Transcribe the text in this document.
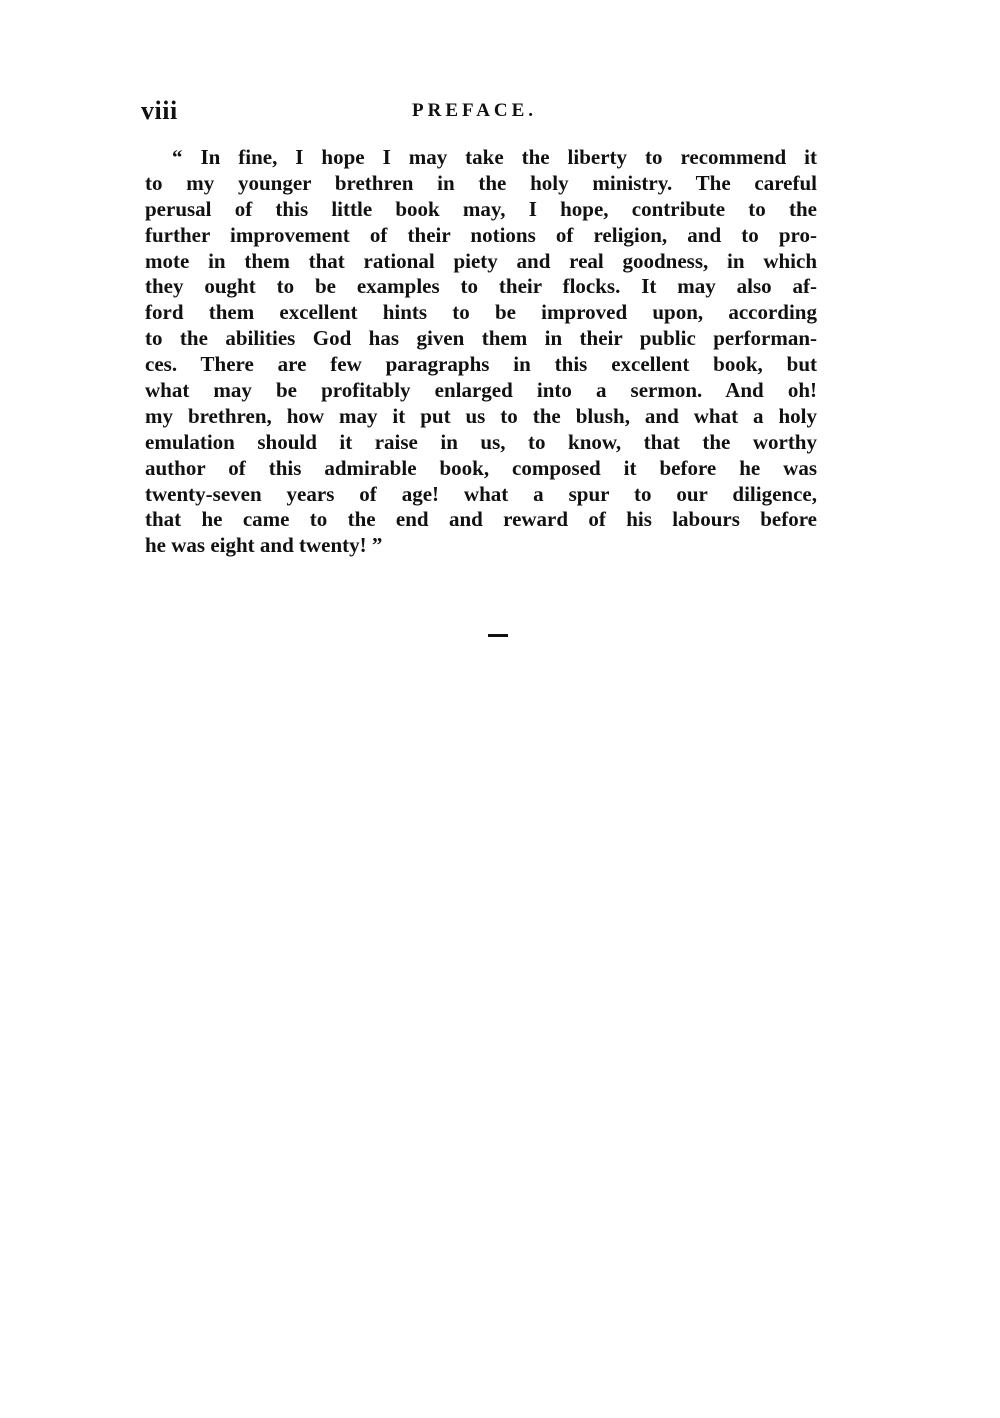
viii	PREFACE.
“ In fine, I hope I may take the liberty to recommend it
to my younger brethren in the holy ministry. The careful
perusal of this little book may, I hope, contribute to the
further improvement of their notions of religion, and to pro-
mote in them that rational piety and real goodness, in which
they ought to be examples to their flocks. It may also af-
ford them excellent hints to be improved upon, according
to the abilities God has given them in their public performan-
ces. There are few paragraphs in this excellent book, but
what may be profitably enlarged into a sermon. And oh!
my brethren, how may it put us to the blush, and what a holy
emulation should it raise in us, to know, that the worthy
author of this admirable book, composed it before he was
twenty-seven years of age! what a spur to our diligence,
that he came to the end and reward of his labours before
he was eight and twenty! ”
